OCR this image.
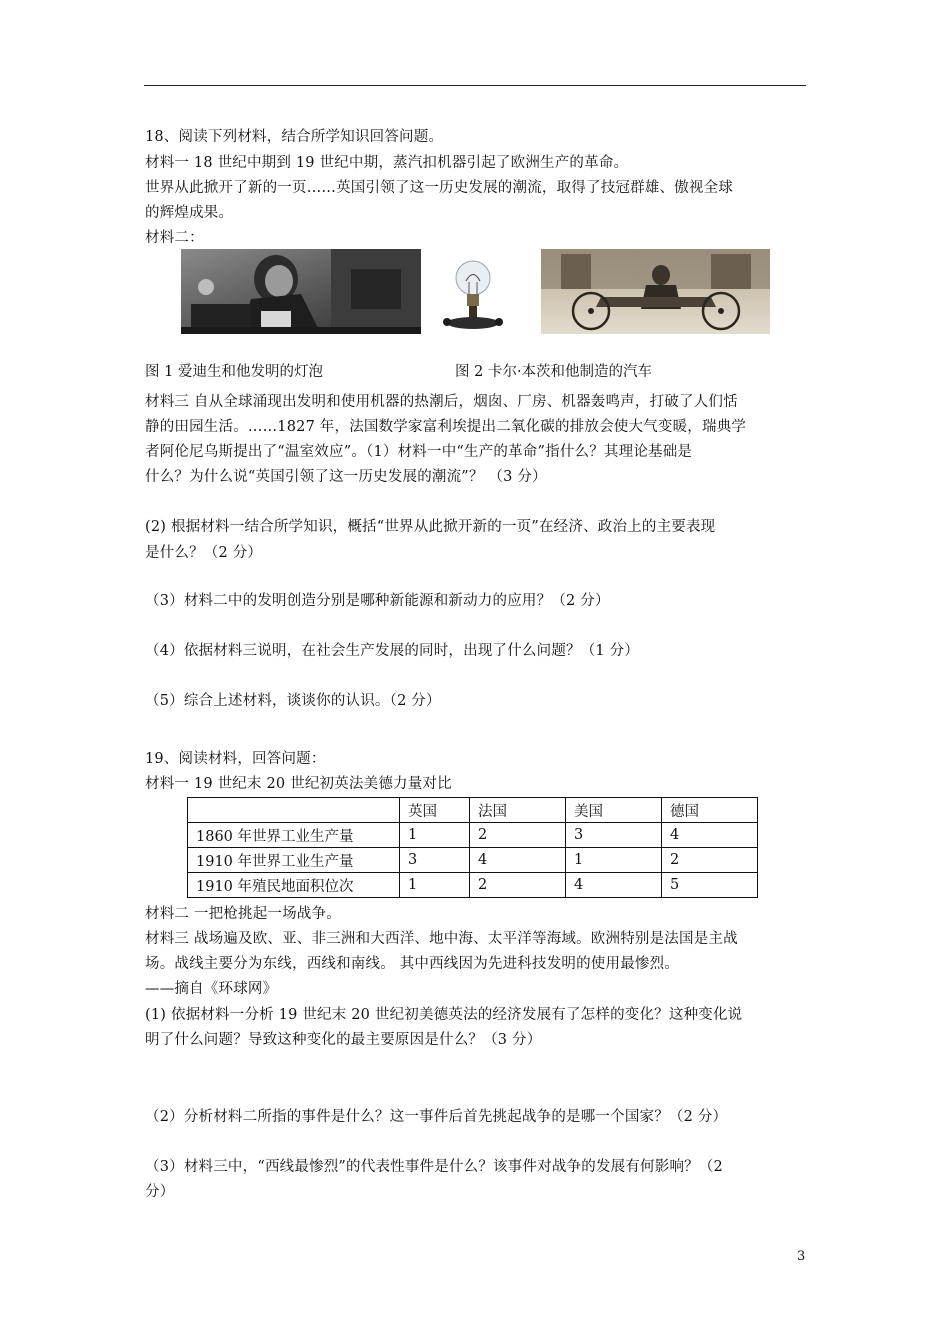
18、阅读下列材料，结合所学知识回答问题。
材料一 18 世纪中期到 19 世纪中期，蒸汽扣机器引起了欧洲生产的革命。
世界从此掀开了新的一页……英国引领了这一历史发展的潮流，取得了技冠群雄、傲视全球
的辉煌成果。
材料二：
图 1 爱迪生和他发明的灯泡	图 2 卡尔·本茨和他制造的汽车
材料三 自从全球涌现出发明和使用机器的热潮后，烟囱、厂房、机器轰鸣声，打破了人们恬
静的田园生活。……1827 年，法国数学家富利埃提出二氧化碳的排放会使大气变暖，瑞典学
者阿伦尼乌斯提出了“温室效应”。（1）材料一中“生产的革命”指什么？其理论基础是
什么？为什么说“英国引领了这一历史发展的潮流”？ （3 分）
(2) 根据材料一结合所学知识，概括“世界从此掀开新的一页”在经济、政治上的主要表现
是什么？（2 分）
（3）材料二中的发明创造分别是哪种新能源和新动力的应用？（2 分）
（4）依据材料三说明，在社会生产发展的同时，出现了什么问题？（1 分）
（5）综合上述材料，谈谈你的认识。（2 分）
19、阅读材料，回答问题：
材料一 19 世纪末 20 世纪初英法美德力量对比
	英国	法国	美国	德国
1860 年世界工业生产量	1	2	3	4
1910 年世界工业生产量	3	4	1	2
1910 年殖民地面积位次	1	2	4	5
材料二 一把枪挑起一场战争。
材料三 战场遍及欧、亚、非三洲和大西洋、地中海、太平洋等海域。欧洲特别是法国是主战
场。战线主要分为东线，西线和南线。 其中西线因为先进科技发明的使用最惨烈。
——摘自《环球网》
(1) 依据材料一分析 19 世纪末 20 世纪初美德英法的经济发展有了怎样的变化？这种变化说
明了什么问题？导致这种变化的最主要原因是什么？（3 分）
（2）分析材料二所指的事件是什么？这一事件后首先挑起战争的是哪一个国家？（2 分）
（3）材料三中，“西线最惨烈”的代表性事件是什么？该事件对战争的发展有何影响？（2
分）
3
